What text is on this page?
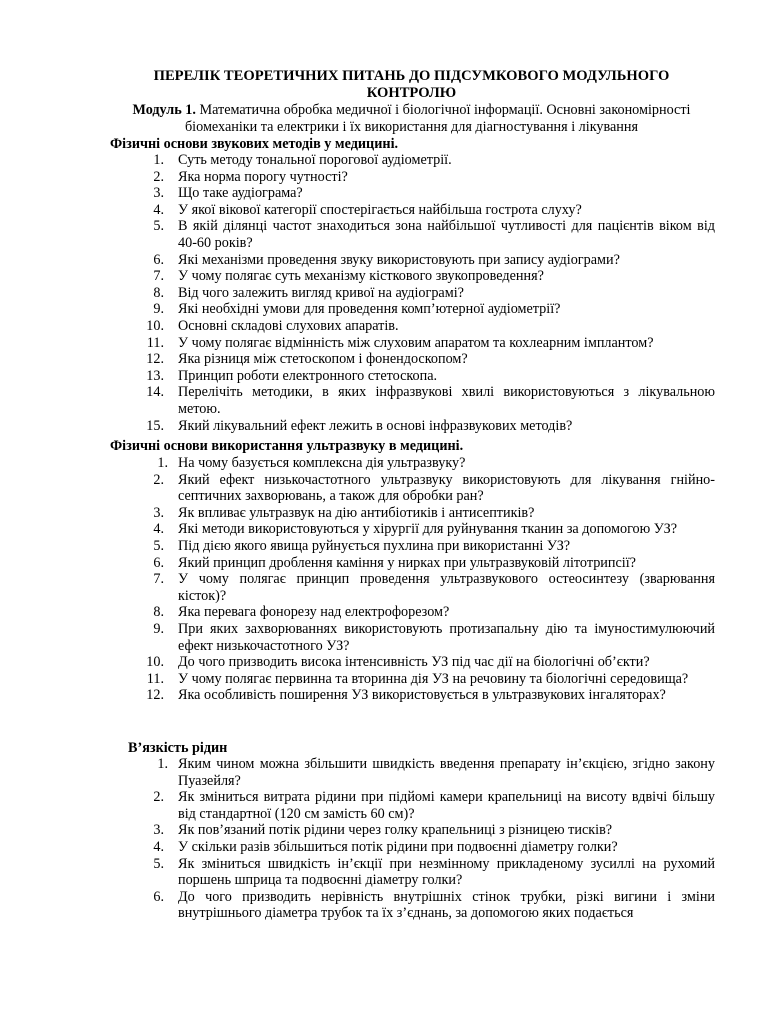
ПЕРЕЛІК ТЕОРЕТИЧНИХ ПИТАНЬ ДО ПІДСУМКОВОГО МОДУЛЬНОГО
КОНТРОЛЮ
Модуль 1. Математична обробка медичної і біологічної інформації. Основні закономірності біомеханіки та електрики і їх використання для діагностування і лікування
Фізичні основи звукових методів у медицині.
1. Суть методу тональної порогової аудіометрії.
2. Яка норма порогу чутності?
3. Що таке аудіограма?
4. У якої вікової категорії спостерігається найбільша гострота слуху?
5. В якій ділянці частот знаходиться зона найбільшої чутливості для пацієнтів віком від 40-60 років?
6. Які механізми проведення звуку використовують при запису аудіограми?
7. У чому полягає суть механізму кісткового звукопроведення?
8. Від чого залежить вигляд кривої на аудіограмі?
9. Які необхідні умови для проведення комп’ютерної аудіометрії?
10. Основні складові слухових апаратів.
11. У чому полягає відмінність між слуховим апаратом та кохлеарним імплантом?
12. Яка різниця між стетоскопом і фонендоскопом?
13. Принцип роботи електронного стетоскопа.
14. Перелічіть методики, в яких інфразвукові хвилі використовуються з лікувальною метою.
15. Який лікувальний ефект лежить в основі інфразвукових методів?
Фізичні основи використання ультразвуку в медицині.
1. На чому базується комплексна дія ультразвуку?
2. Який ефект низькочастотного ультразвуку використовують для лікування гнійно-септичних захворювань, а також для обробки ран?
3. Як впливає ультразвук на дію антибіотиків і антисептиків?
4. Які методи використовуються у хірургії для руйнування тканин за допомогою УЗ?
5. Під дією якого явища руйнується пухлина при використанні УЗ?
6. Який принцип дроблення каміння у нирках при ультразвуковій літотрипсії?
7. У чому полягає принцип проведення ультразвукового остеосинтезу (зварювання кісток)?
8. Яка перевага фонорезу над електрофорезом?
9. При яких захворюваннях використовують протизапальну дію та імуностимулюючий ефект низькочастотного УЗ?
10. До чого призводить висока інтенсивність УЗ під час дії на біологічні об’єкти?
11. У чому полягає первинна та вторинна дія УЗ на речовину та біологічні середовища?
12. Яка особливість поширення УЗ використовується в ультразвукових інгаляторах?
В’язкість рідин
1. Яким чином можна збільшити швидкість введення препарату ін’єкцією, згідно закону Пуазейля?
2. Як зміниться витрата рідини при підйомі камери крапельниці на висоту вдвічі більшу від стандартної (120 см замість 60 см)?
3. Як пов’язаний потік рідини через голку крапельниці з різницею тисків?
4. У скільки разів збільшиться потік рідини при подвоєнні діаметру голки?
5. Як зміниться швидкість ін’єкції при незмінному прикладеному зусиллі на рухомий поршень шприца та подвоєнні діаметру голки?
6. До чого призводить нерівність внутрішніх стінок трубки, різкі вигини і зміни внутрішнього діаметра трубок та їх з’єднань, за допомогою яких подається
